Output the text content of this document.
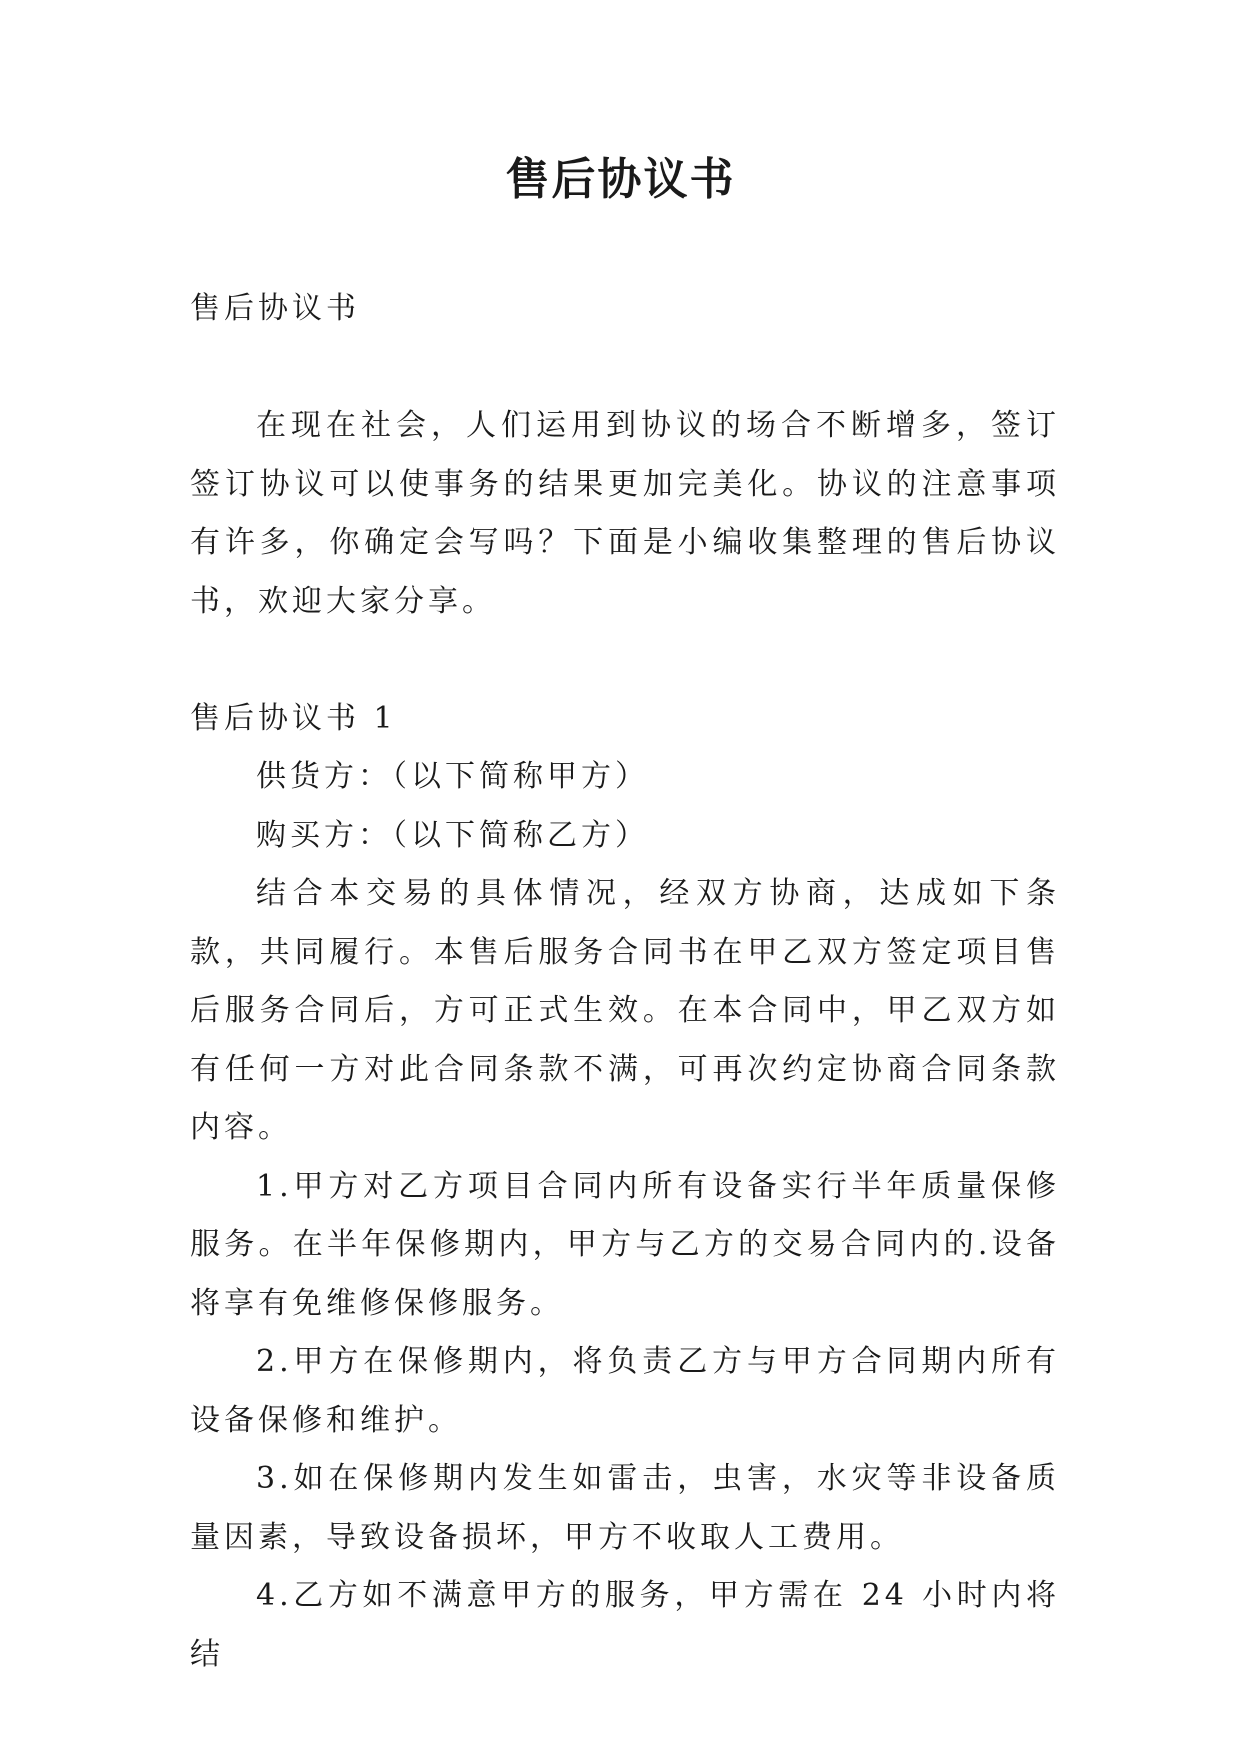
售后协议书

售后协议书

在现在社会，人们运用到协议的场合不断增多，签订签订协议可以使事务的结果更加完美化。协议的注意事项有许多，你确定会写吗？下面是小编收集整理的售后协议书，欢迎大家分享。

售后协议书 1

供货方：（以下简称甲方）

购买方：（以下简称乙方）

结合本交易的具体情况，经双方协商，达成如下条款，共同履行。本售后服务合同书在甲乙双方签定项目售后服务合同后，方可正式生效。在本合同中，甲乙双方如有任何一方对此合同条款不满，可再次约定协商合同条款内容。

1.甲方对乙方项目合同内所有设备实行半年质量保修服务。在半年保修期内，甲方与乙方的交易合同内的.设备将享有免维修保修服务。

2.甲方在保修期内，将负责乙方与甲方合同期内所有设备保修和维护。

3.如在保修期内发生如雷击，虫害，水灾等非设备质量因素，导致设备损坏，甲方不收取人工费用。

4.乙方如不满意甲方的服务，甲方需在 24 小时内将结
